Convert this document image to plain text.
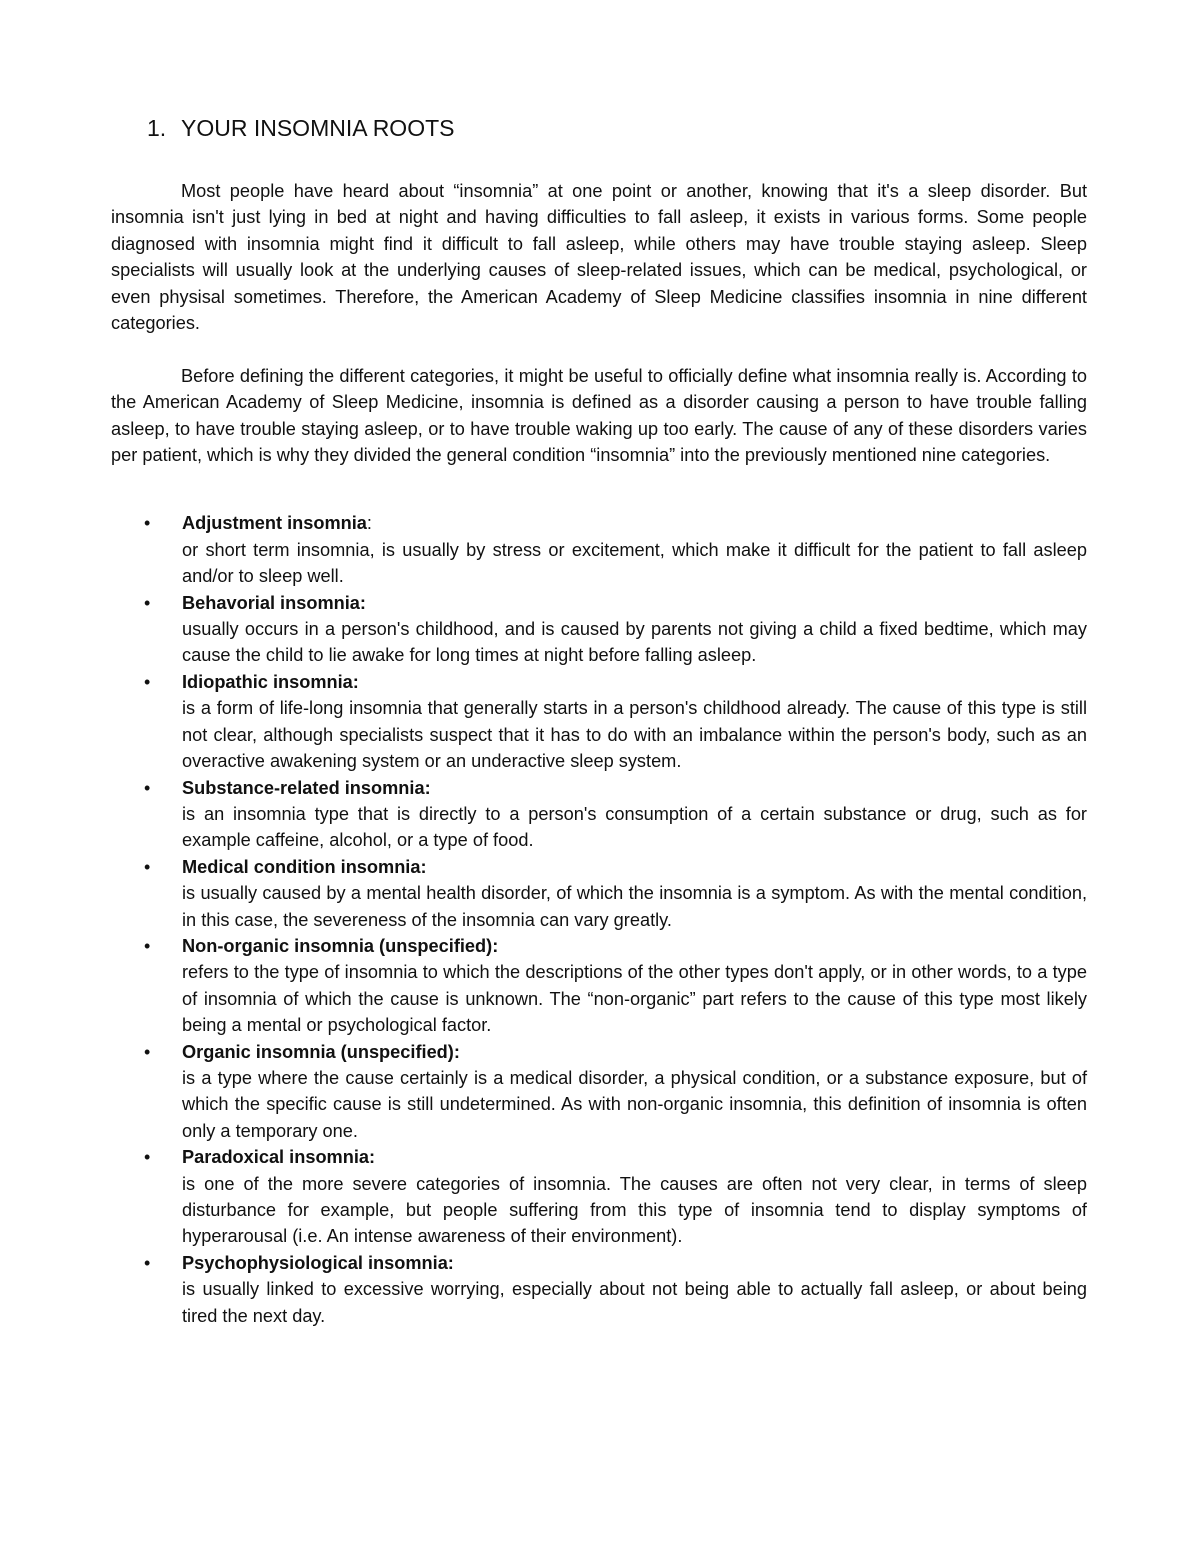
1. YOUR INSOMNIA ROOTS

Most people have heard about “insomnia” at one point or another, knowing that it's a sleep disorder. But insomnia isn't just lying in bed at night and having difficulties to fall asleep, it exists in various forms. Some people diagnosed with insomnia might find it difficult to fall asleep, while others may have trouble staying asleep. Sleep specialists will usually look at the underlying causes of sleep-related issues, which can be medical, psychological, or even physisal sometimes. Therefore, the American Academy of Sleep Medicine classifies insomnia in nine different categories.

Before defining the different categories, it might be useful to officially define what insomnia really is. According to the American Academy of Sleep Medicine, insomnia is defined as a disorder causing a person to have trouble falling asleep, to have trouble staying asleep, or to have trouble waking up too early. The cause of any of these disorders varies per patient, which is why they divided the general condition “insomnia” into the previously mentioned nine categories.

• Adjustment insomnia:
or short term insomnia, is usually by stress or excitement, which make it difficult for the patient to fall asleep and/or to sleep well.
• Behavorial insomnia:
usually occurs in a person's childhood, and is caused by parents not giving a child a fixed bedtime, which may cause the child to lie awake for long times at night before falling asleep.
• Idiopathic insomnia:
is a form of life-long insomnia that generally starts in a person's childhood already. The cause of this type is still not clear, although specialists suspect that it has to do with an imbalance within the person's body, such as an overactive awakening system or an underactive sleep system.
• Substance-related insomnia:
is an insomnia type that is directly to a person's consumption of a certain substance or drug, such as for example caffeine, alcohol, or a type of food.
• Medical condition insomnia:
is usually caused by a mental health disorder, of which the insomnia is a symptom. As with the mental condition, in this case, the severeness of the insomnia can vary greatly.
• Non-organic insomnia (unspecified):
refers to the type of insomnia to which the descriptions of the other types don't apply, or in other words, to a type of insomnia of which the cause is unknown. The “non-organic” part refers to the cause of this type most likely being a mental or psychological factor.
• Organic insomnia (unspecified):
is a type where the cause certainly is a medical disorder, a physical condition, or a substance exposure, but of which the specific cause is still undetermined. As with non-organic insomnia, this definition of insomnia is often only a temporary one.
• Paradoxical insomnia:
is one of the more severe categories of insomnia. The causes are often not very clear, in terms of sleep disturbance for example, but people suffering from this type of insomnia tend to display symptoms of hyperarousal (i.e. An intense awareness of their environment).
• Psychophysiological insomnia:
is usually linked to excessive worrying, especially about not being able to actually fall asleep, or about being tired the next day.
